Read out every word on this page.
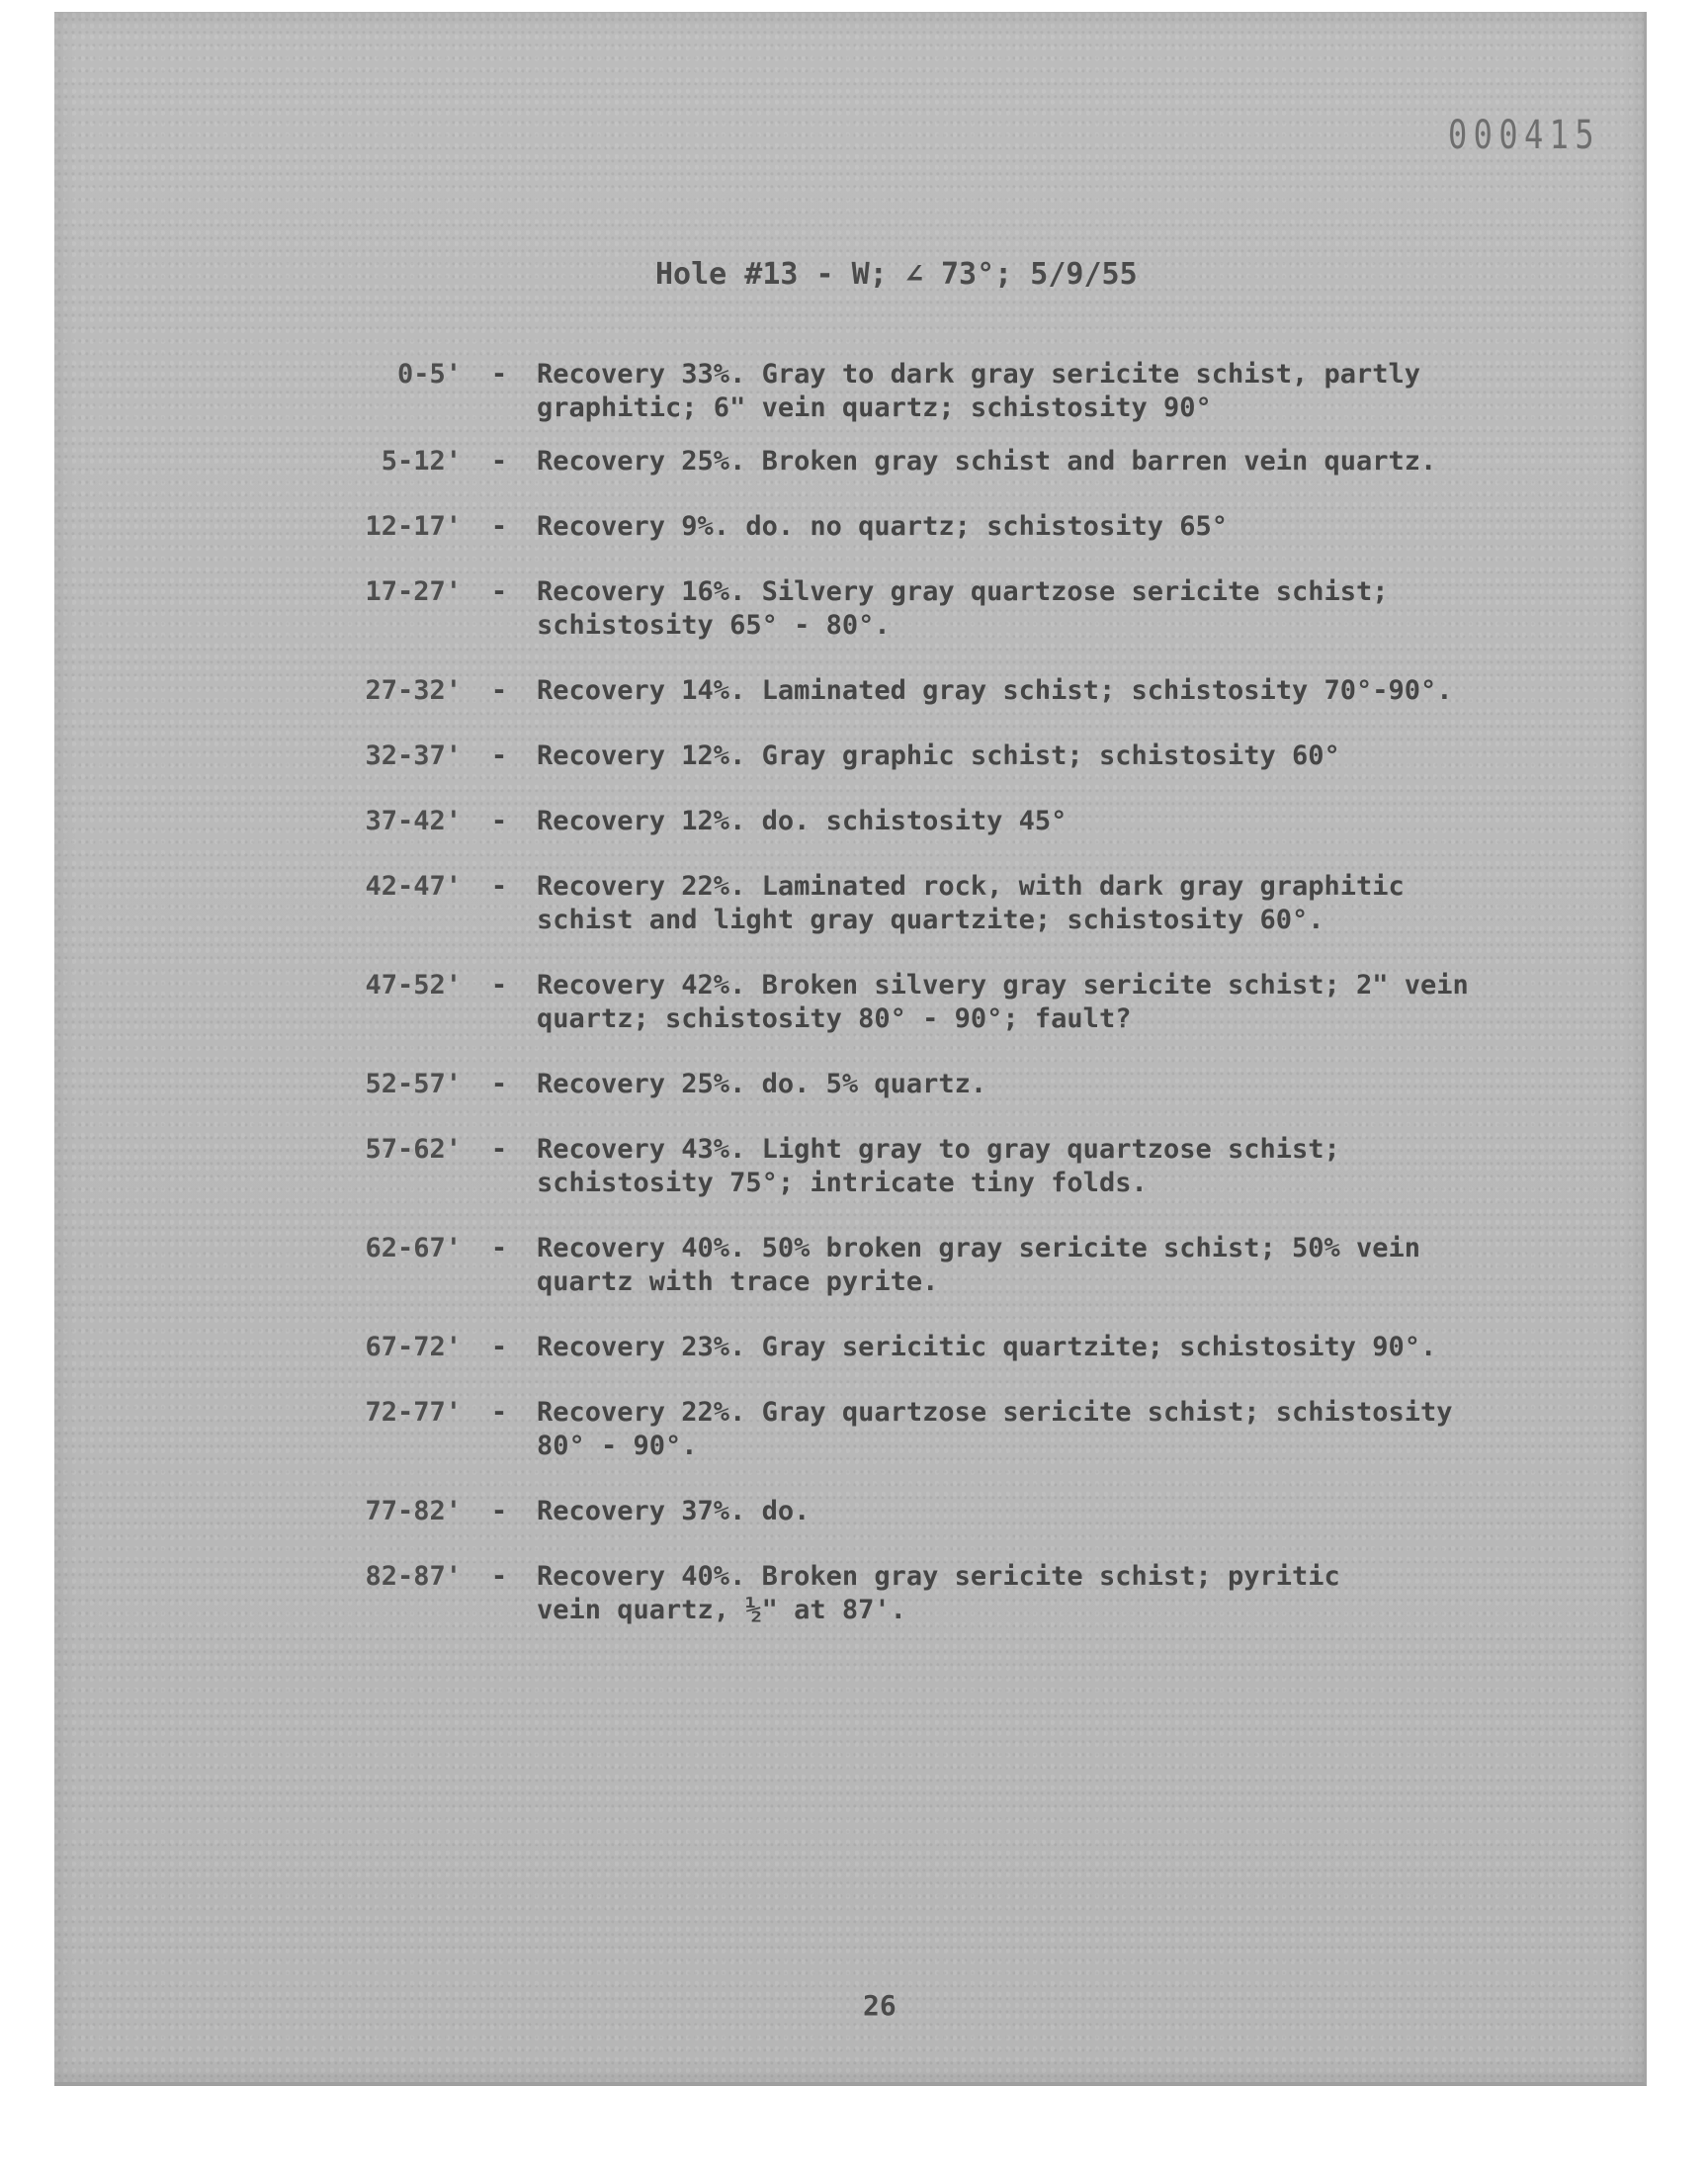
000415
Hole #13 - W; ∠ 73°; 5/9/55
0-5'	-	Recovery 33%. Gray to dark gray sericite schist, partly
graphitic; 6" vein quartz; schistosity 90°
5-12'	-	Recovery 25%. Broken gray schist and barren vein quartz.
12-17'	-	Recovery 9%. do. no quartz; schistosity 65°
17-27'	-	Recovery 16%. Silvery gray quartzose sericite schist;
schistosity 65° - 80°.
27-32'	-	Recovery 14%. Laminated gray schist; schistosity 70°-90°.
32-37'	-	Recovery 12%. Gray graphic schist; schistosity 60°
37-42'	-	Recovery 12%. do. schistosity 45°
42-47'	-	Recovery 22%. Laminated rock, with dark gray graphitic
schist and light gray quartzite; schistosity 60°.
47-52'	-	Recovery 42%. Broken silvery gray sericite schist; 2" vein
quartz; schistosity 80° - 90°; fault?
52-57'	-	Recovery 25%. do. 5% quartz.
57-62'	-	Recovery 43%. Light gray to gray quartzose schist;
schistosity 75°; intricate tiny folds.
62-67'	-	Recovery 40%. 50% broken gray sericite schist; 50% vein
quartz with trace pyrite.
67-72'	-	Recovery 23%. Gray sericitic quartzite; schistosity 90°.
72-77'	-	Recovery 22%. Gray quartzose sericite schist; schistosity
80° - 90°.
77-82'	-	Recovery 37%. do.
82-87'	-	Recovery 40%. Broken gray sericite schist; pyritic
vein quartz, ½" at 87'.
26
